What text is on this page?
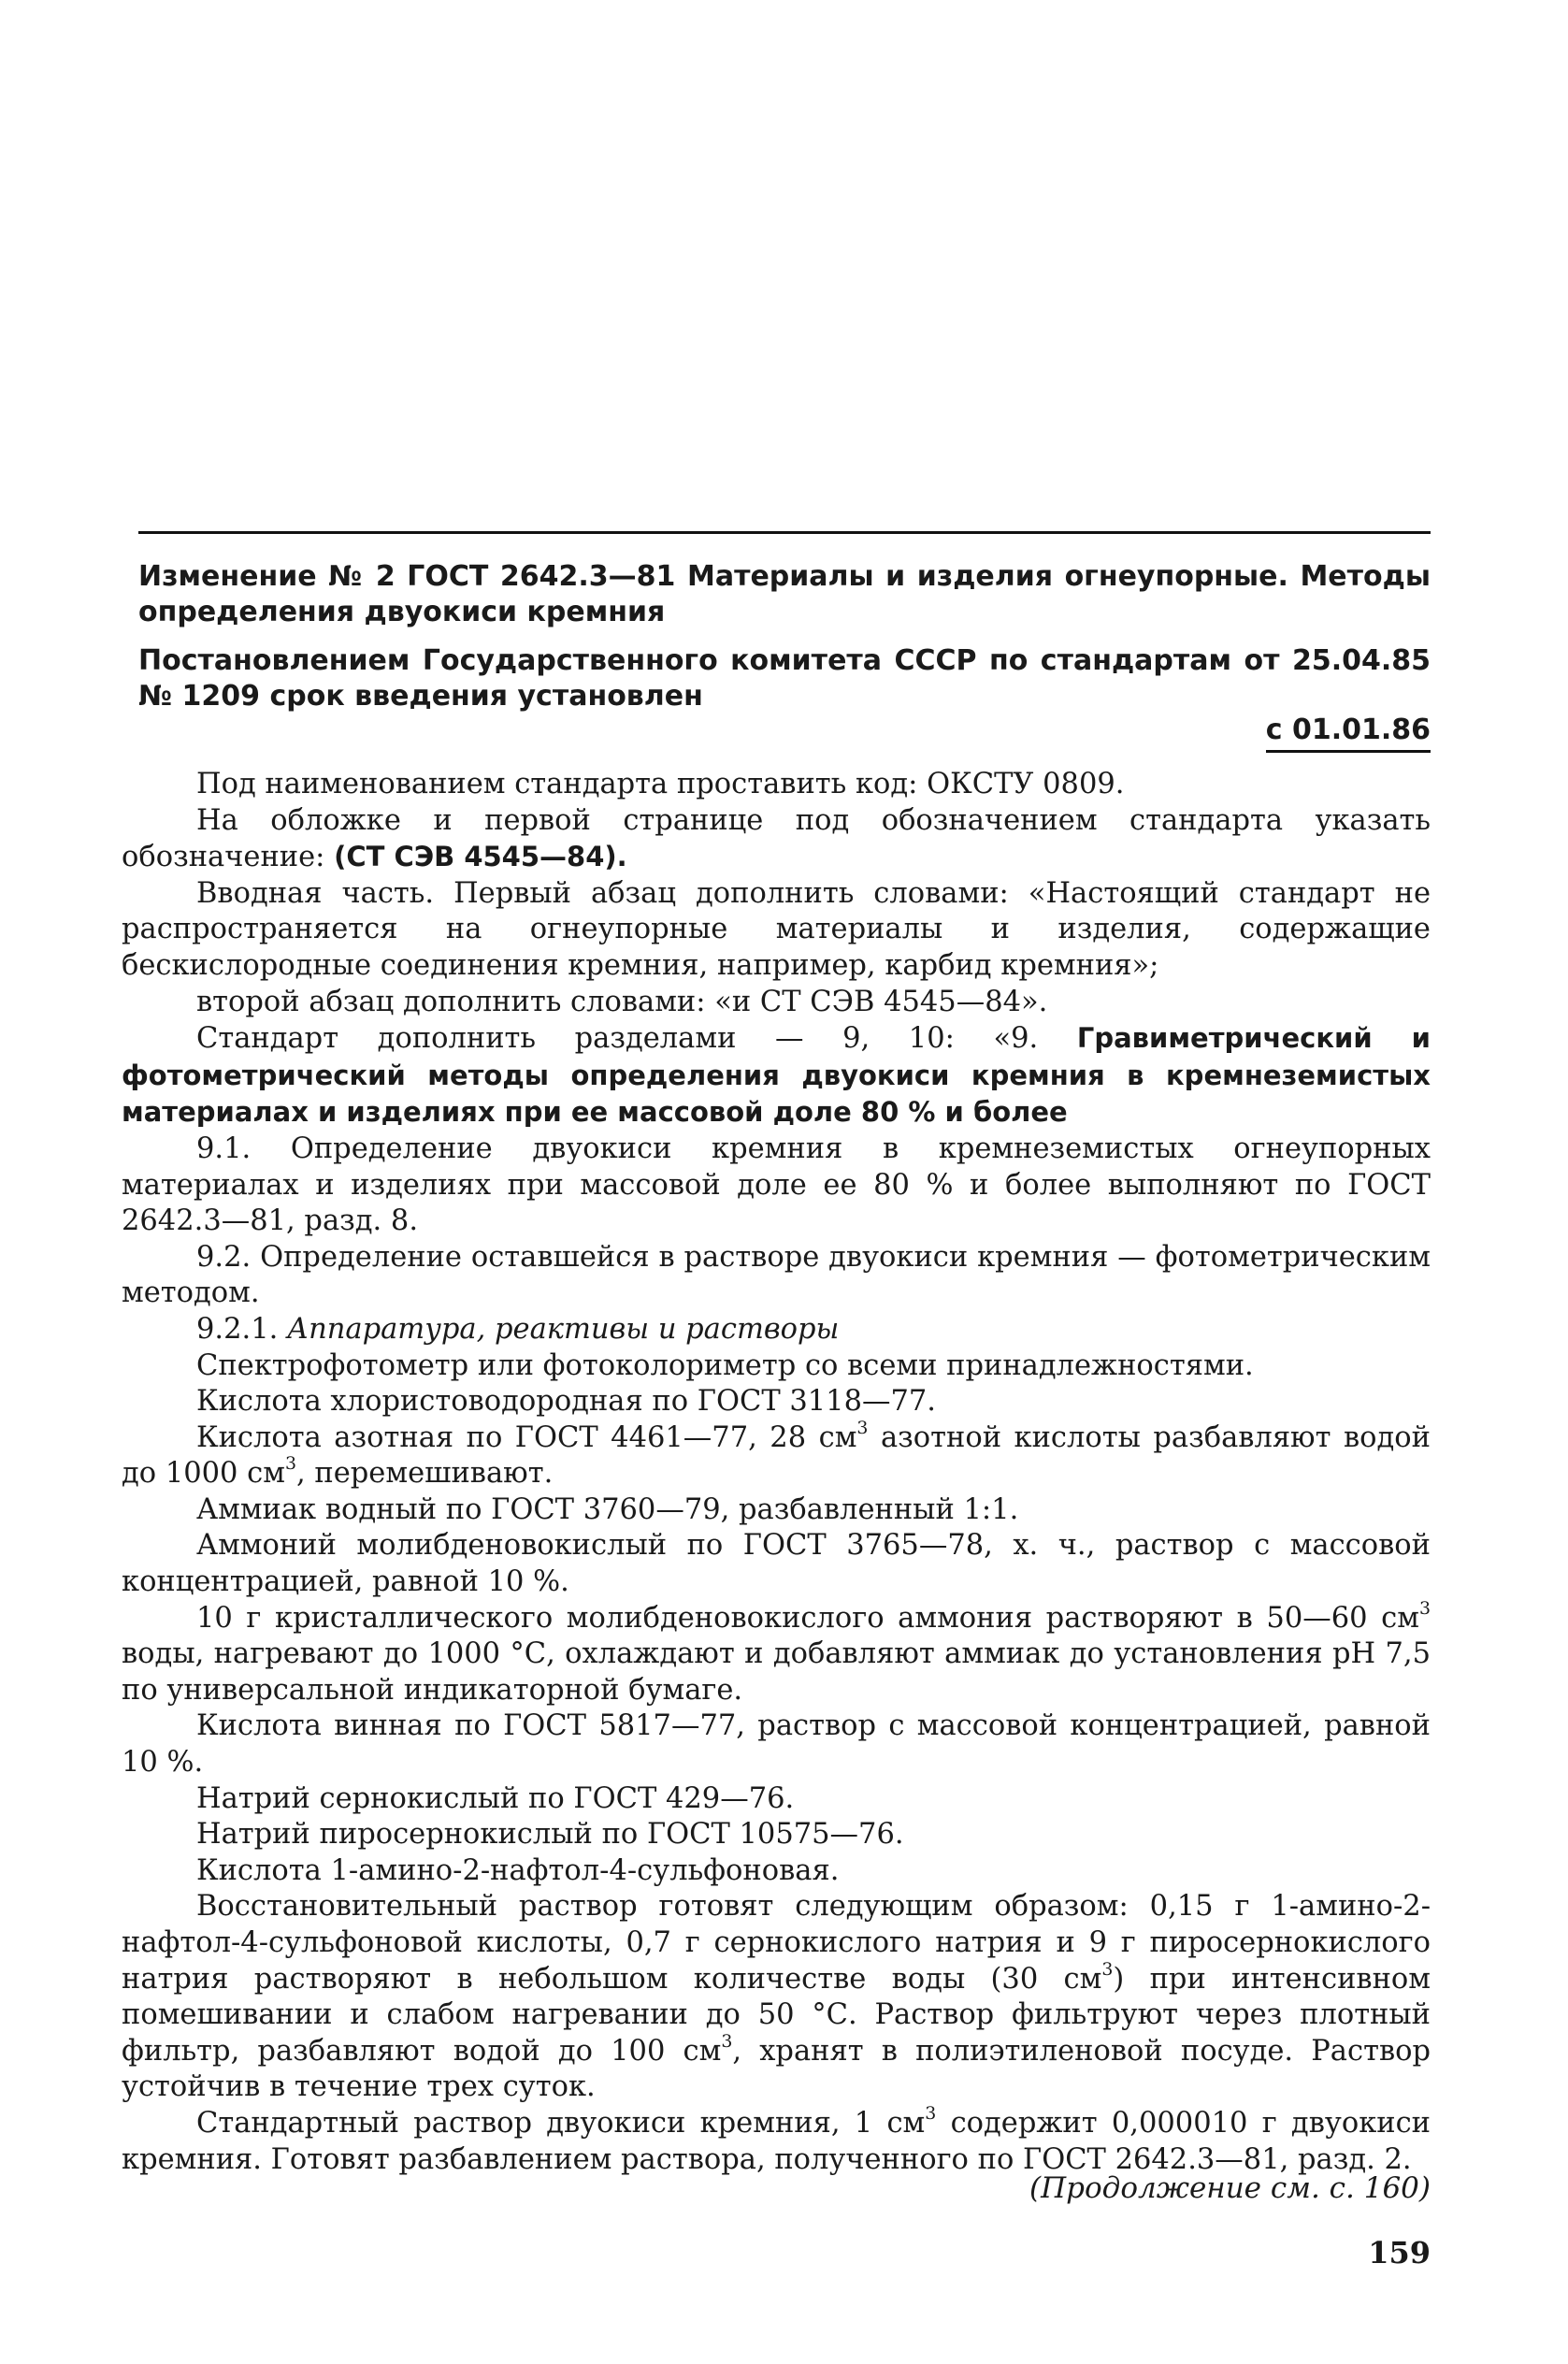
Изменение № 2 ГОСТ 2642.3—81 Материалы и изделия огнеупорные. Методы определения двуокиси кремния
Постановлением Государственного комитета СССР по стандартам от 25.04.85 № 1209 срок введения установлен
с 01.01.86

Под наименованием стандарта проставить код: ОКСТУ 0809.

На обложке и первой странице под обозначением стандарта указать обозначение: (СТ СЭВ 4545—84).

Вводная часть. Первый абзац дополнить словами: «Настоящий стандарт не распространяется на огнеупорные материалы и изделия, содержащие бескислородные соединения кремния, например, карбид кремния»;

второй абзац дополнить словами: «и СТ СЭВ 4545—84».

Стандарт дополнить разделами — 9, 10: «9. Гравиметрический и фотометрический методы определения двуокиси кремния в кремнеземистых материалах и изделиях при ее массовой доле 80 % и более

9.1. Определение двуокиси кремния в кремнеземистых огнеупорных материалах и изделиях при массовой доле ее 80 % и более выполняют по ГОСТ 2642.3—81, разд. 8.

9.2. Определение оставшейся в растворе двуокиси кремния — фотометрическим методом.

9.2.1. Аппаратура, реактивы и растворы

Спектрофотометр или фотоколориметр со всеми принадлежностями.

Кислота хлористоводородная по ГОСТ 3118—77.

Кислота азотная по ГОСТ 4461—77, 28 $см^3$ азотной кислоты разбавляют водой до 1000 $см^3$, перемешивают.

Аммиак водный по ГОСТ 3760—79, разбавленный 1:1.

Аммоний молибденовокислый по ГОСТ 3765—78, х. ч., раствор с массовой концентрацией, равной 10 %.

10 г кристаллического молибденовокислого аммония растворяют в 50—60 $см^3$ воды, нагревают до 1000 °С, охлаждают и добавляют аммиак до установления рН 7,5 по универсальной индикаторной бумаге.

Кислота винная по ГОСТ 5817—77, раствор с массовой концентрацией, равной 10 %.

Натрий сернокислый по ГОСТ 429—76.

Натрий пиросернокислый по ГОСТ 10575—76.

Кислота 1-амино-2-нафтол-4-сульфоновая.

Восстановительный раствор готовят следующим образом: 0,15 г 1-амино-2-нафтол-4-сульфоновой кислоты, 0,7 г сернокислого натрия и 9 г пиросернокислого натрия растворяют в небольшом количестве воды (30 $см^3$) при интенсивном помешивании и слабом нагревании до 50 °С. Раствор фильтруют через плотный фильтр, разбавляют водой до 100 $см^3$, хранят в полиэтиленовой посуде. Раствор устойчив в течение трех суток.

Стандартный раствор двуокиси кремния, 1 $см^3$ содержит 0,000010 г двуокиси кремния. Готовят разбавлением раствора, полученного по ГОСТ 2642.3—81, разд. 2.

(Продолжение см. с. 160)
159
